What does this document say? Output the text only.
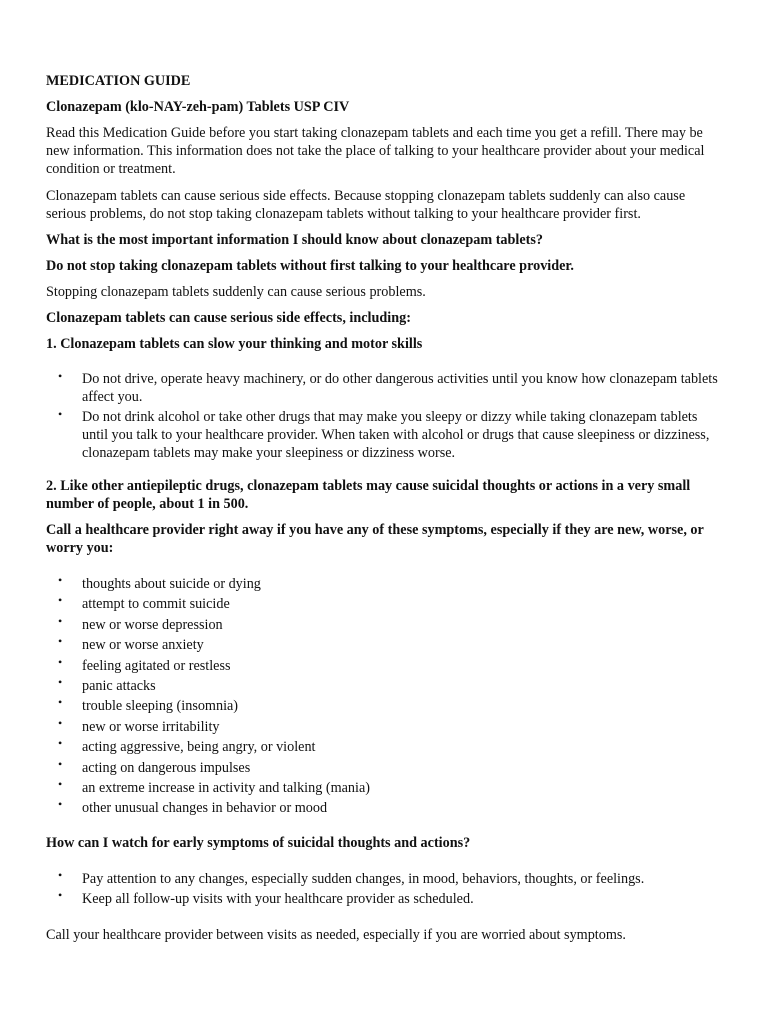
MEDICATION GUIDE

Clonazepam (klo-NAY-zeh-pam) Tablets USP CIV

Read this Medication Guide before you start taking clonazepam tablets and each time you get a refill. There may be new information. This information does not take the place of talking to your healthcare provider about your medical condition or treatment.

Clonazepam tablets can cause serious side effects. Because stopping clonazepam tablets suddenly can also cause serious problems, do not stop taking clonazepam tablets without talking to your healthcare provider first.

What is the most important information I should know about clonazepam tablets?

Do not stop taking clonazepam tablets without first talking to your healthcare provider.

Stopping clonazepam tablets suddenly can cause serious problems.

Clonazepam tablets can cause serious side effects, including:

1. Clonazepam tablets can slow your thinking and motor skills

• Do not drive, operate heavy machinery, or do other dangerous activities until you know how clonazepam tablets affect you.
• Do not drink alcohol or take other drugs that may make you sleepy or dizzy while taking clonazepam tablets until you talk to your healthcare provider. When taken with alcohol or drugs that cause sleepiness or dizziness, clonazepam tablets may make your sleepiness or dizziness worse.

2. Like other antiepileptic drugs, clonazepam tablets may cause suicidal thoughts or actions in a very small number of people, about 1 in 500.

Call a healthcare provider right away if you have any of these symptoms, especially if they are new, worse, or worry you:

• thoughts about suicide or dying
• attempt to commit suicide
• new or worse depression
• new or worse anxiety
• feeling agitated or restless
• panic attacks
• trouble sleeping (insomnia)
• new or worse irritability
• acting aggressive, being angry, or violent
• acting on dangerous impulses
• an extreme increase in activity and talking (mania)
• other unusual changes in behavior or mood

How can I watch for early symptoms of suicidal thoughts and actions?

• Pay attention to any changes, especially sudden changes, in mood, behaviors, thoughts, or feelings.
• Keep all follow-up visits with your healthcare provider as scheduled.

Call your healthcare provider between visits as needed, especially if you are worried about symptoms.
